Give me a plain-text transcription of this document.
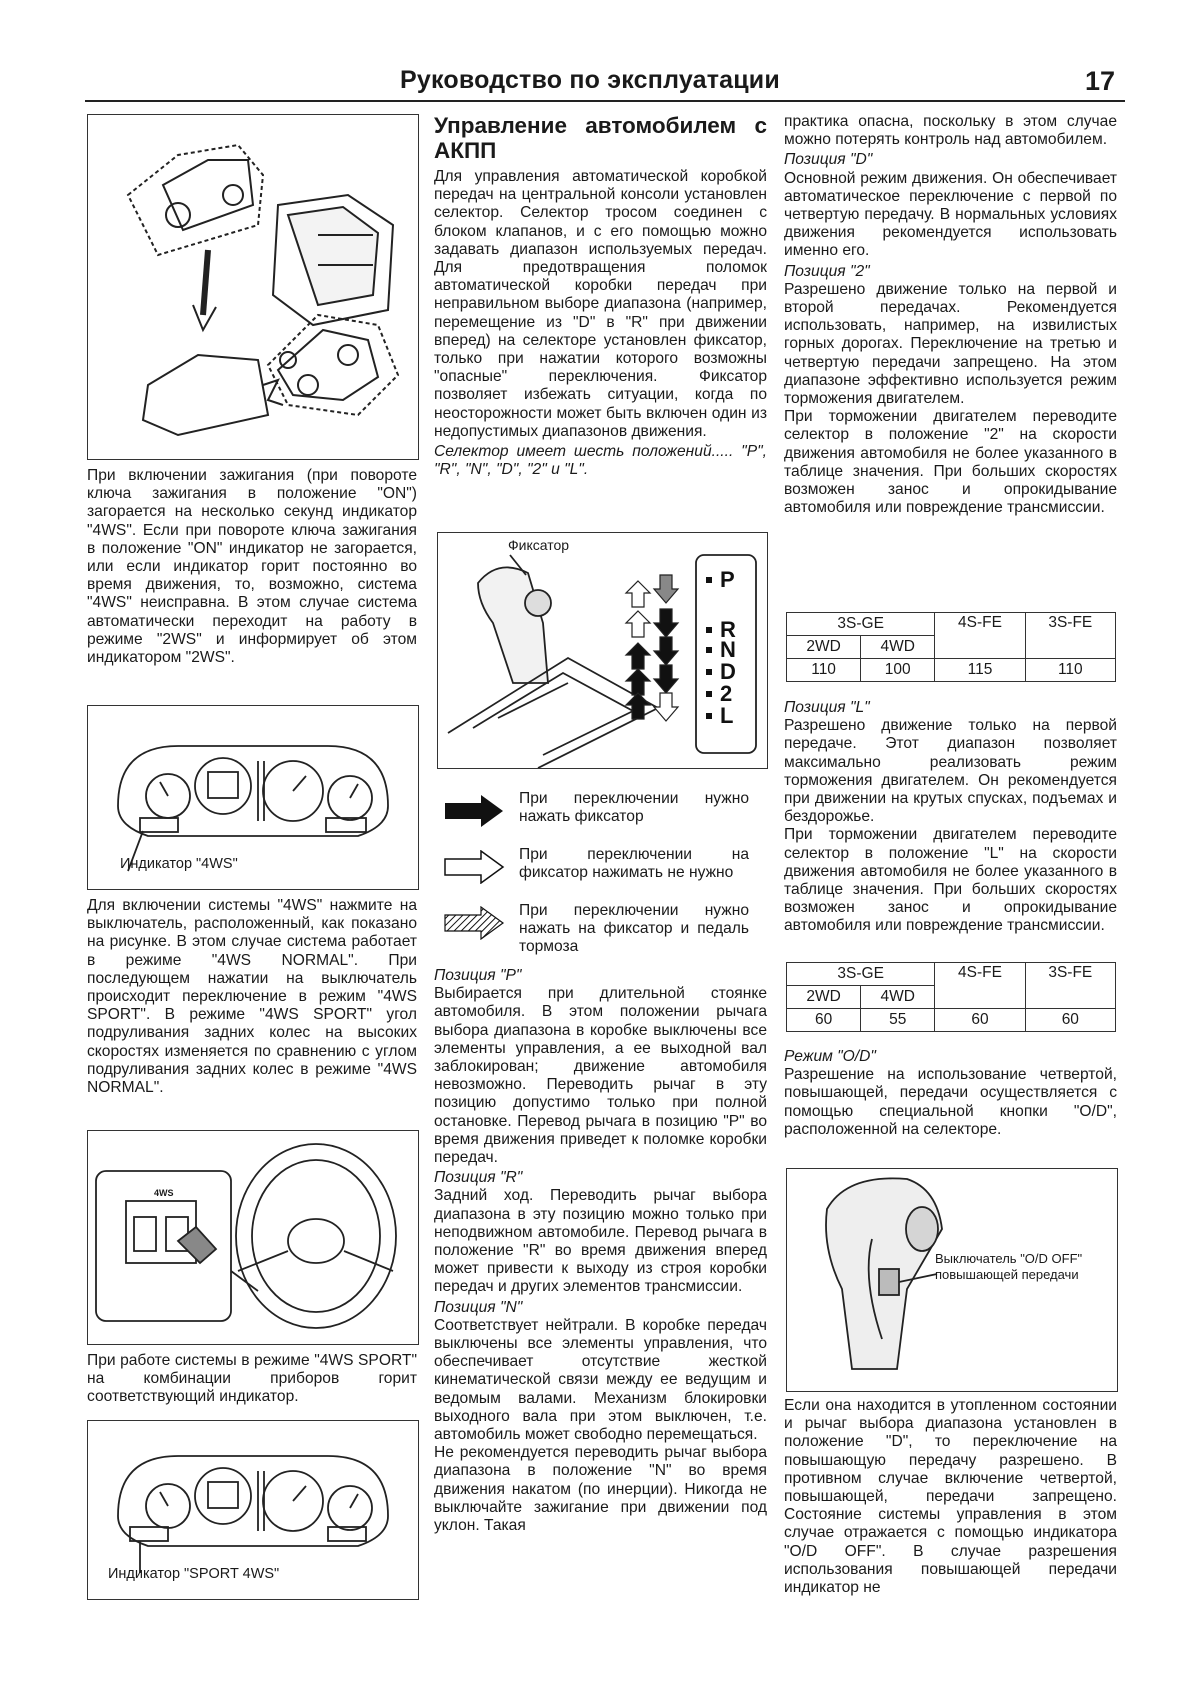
Руководство по эксплуатации	17

При включении зажигания (при повороте ключа зажигания в положение "ON") загорается на несколько секунд индикатор "4WS". Если при повороте ключа зажигания в положение "ON" индикатор не загорается, или если индикатор горит постоянно во время движения, то, возможно, система "4WS" неисправна. В этом случае система автоматически переходит на работу в режиме "2WS" и информирует об этом индикатором "2WS".

Индикатор "4WS"

Для включении системы "4WS" нажмите на выключатель, расположенный, как показано на рисунке. В этом случае система работает в режиме "4WS NORMAL". При последующем нажатии на выключатель происходит переключение в режим "4WS SPORT". В режиме "4WS SPORT" угол подруливания задних колес на высоких скоростях изменяется по сравнению с углом подруливания задних колес в режиме "4WS NORMAL".

4WS

При работе системы в режиме "4WS SPORT" на комбинации приборов горит соответствующий индикатор.

Индикатор "SPORT 4WS"
Управление автомобилем с АКПП

Для управления автоматической коробкой передач на центральной консоли установлен селектор. Селектор тросом соединен с блоком клапанов, и с его помощью можно задавать диапазон используемых передач. Для предотвращения поломок автоматической коробки передач при неправильном выборе диапазона (например, перемещение из "D" в "R" при движении вперед) на селекторе установлен фиксатор, только при нажатии которого возможны "опасные" переключения. Фиксатор позволяет избежать ситуации, когда по неосторожности может быть включен один из недопустимых диапазонов движения.

Селектор имеет шесть положений..... "P", "R", "N", "D", "2" и "L".

P
R
N
D
2
L
Фиксатор
При переключении нужно нажать фиксатор
При переключении на фиксатор нажимать не нужно
При переключении нужно нажать на фиксатор и педаль тормоза

Позиция "P"

Выбирается при длительной стоянке автомобиля. В этом положении рычага выбора диапазона в коробке выключены все элементы управления, а ее выходной вал заблокирован; движение автомобиля невозможно. Переводить рычаг в эту позицию допустимо только при полной остановке. Перевод рычага в позицию "P" во время движения приведет к поломке коробки передач.

Позиция "R"

Задний ход. Переводить рычаг выбора диапазона в эту позицию можно только при неподвижном автомобиле. Перевод рычага в положение "R" во время движения вперед может привести к выходу из строя коробки передач и других элементов трансмиссии.

Позиция "N"

Соответствует нейтрали. В коробке передач выключены все элементы управления, что обеспечивает отсутствие жесткой кинематической связи между ее ведущим и ведомым валами. Механизм блокировки выходного вала при этом выключен, т.е. автомобиль может свободно перемещаться.

Не рекомендуется переводить рычаг выбора диапазона в положение "N" во время движения накатом (по инерции). Никогда не выключайте зажигание при движении под уклон. Такая

практика опасна, поскольку в этом случае можно потерять контроль над автомобилем.

Позиция "D"

Основной режим движения. Он обеспечивает автоматическое переключение с первой по четвертую передачу. В нормальных условиях движения рекомендуется использовать именно его.

Позиция "2"

Разрешено движение только на первой и второй передачах. Рекомендуется использовать, например, на извилистых горных дорогах. Переключение на третью и четвертую передачи запрещено. На этом диапазоне эффективно используется режим торможения двигателем.

При торможении двигателем переводите селектор в положение "2" на скорости движения автомобиля не более указанного в таблице значения. При больших скоростях возможен занос и опрокидывание автомобиля или повреждение трансмиссии.

3S-GE		4S-FE	3S-FE
2WD	4WD		
110	100	115	110

Позиция "L"

Разрешено движение только на первой передаче. Этот диапазон позволяет максимально реализовать режим торможения двигателем. Он рекомендуется при движении на крутых спусках, подъемах и бездорожье.

При торможении двигателем переводите селектор в положение "L" на скорости движения автомобиля не более указанного в таблице значения. При больших скоростях возможен занос и опрокидывание автомобиля или повреждение трансмиссии.

3S-GE		4S-FE	3S-FE
2WD	4WD		
60	55	60	60

Режим "O/D"

Разрешение на использование четвертой, повышающей, передачи осуществляется с помощью специальной кнопки "O/D", расположенной на селекторе.

Выключатель "O/D OFF" повышающей передачи

Если она находится в утопленном состоянии и рычаг выбора диапазона установлен в положение "D", то переключение на повышающую передачу разрешено. В противном случае включение четвертой, повышающей, передачи запрещено. Состояние системы управления в этом случае отражается с помощью индикатора "O/D OFF". В случае разрешения использования повышающей передачи индикатор не
